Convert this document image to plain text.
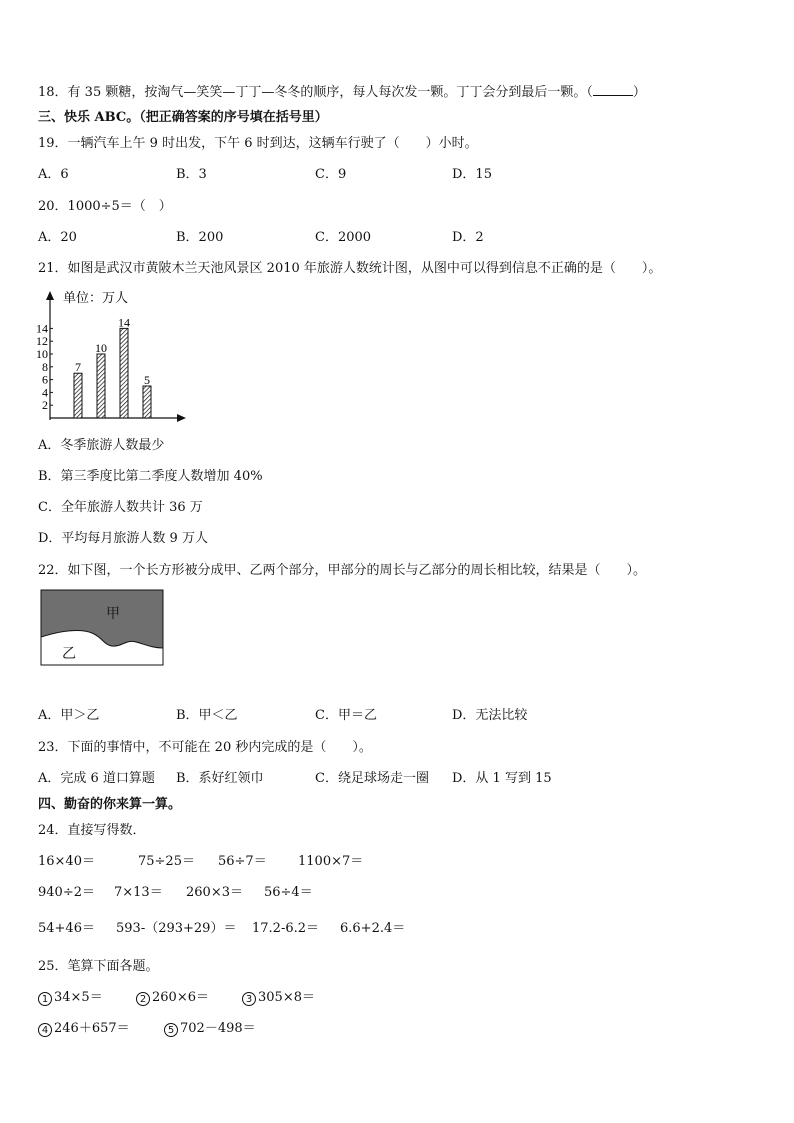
18．有 35 颗糖，按淘气—笑笑—丁丁—冬冬的顺序，每人每次发一颗。丁丁会分到最后一颗。（	）
三、快乐 ABC。（把正确答案的序号填在括号里）
19．一辆汽车上午 9 时出发，下午 6 时到达，这辆车行驶了（　　）小时。
A．6	B．3	C．9	D．15
20．1000÷5＝（　）
A．20	B．200	C．2000	D．2
21．如图是武汉市黄陂木兰天池风景区 2010 年旅游人数统计图，从图中可以得到信息不正确的是（　　）。
单位：万人
2
4
6
8
10
12
14
7
10
14
5
A．冬季旅游人数最少
B．第三季度比第二季度人数增加 40%
C．全年旅游人数共计 36 万
D．平均每月旅游人数 9 万人
22．如下图，一个长方形被分成甲、乙两个部分，甲部分的周长与乙部分的周长相比较，结果是（　　）。
甲
乙
A．甲＞乙	B．甲＜乙	C．甲＝乙	D．无法比较
23．下面的事情中，不可能在 20 秒内完成的是（　　）。
A．完成 6 道口算题 B．系好红领巾	C．绕足球场走一圈 D．从 1 写到 15
四、勤奋的你来算一算。
24．直接写得数．
16×40＝	75÷25＝ 56÷7＝ 1100×7＝
940÷2＝ 7×13＝ 260×3＝ 56÷4＝
54+46＝ 593-（293+29）＝ 17.2-6.2＝ 6.6+2.4＝
25．笔算下面各题。
1 34×5＝	2 260×6＝	3 305×8＝
4 246＋657＝	5 702－498＝
